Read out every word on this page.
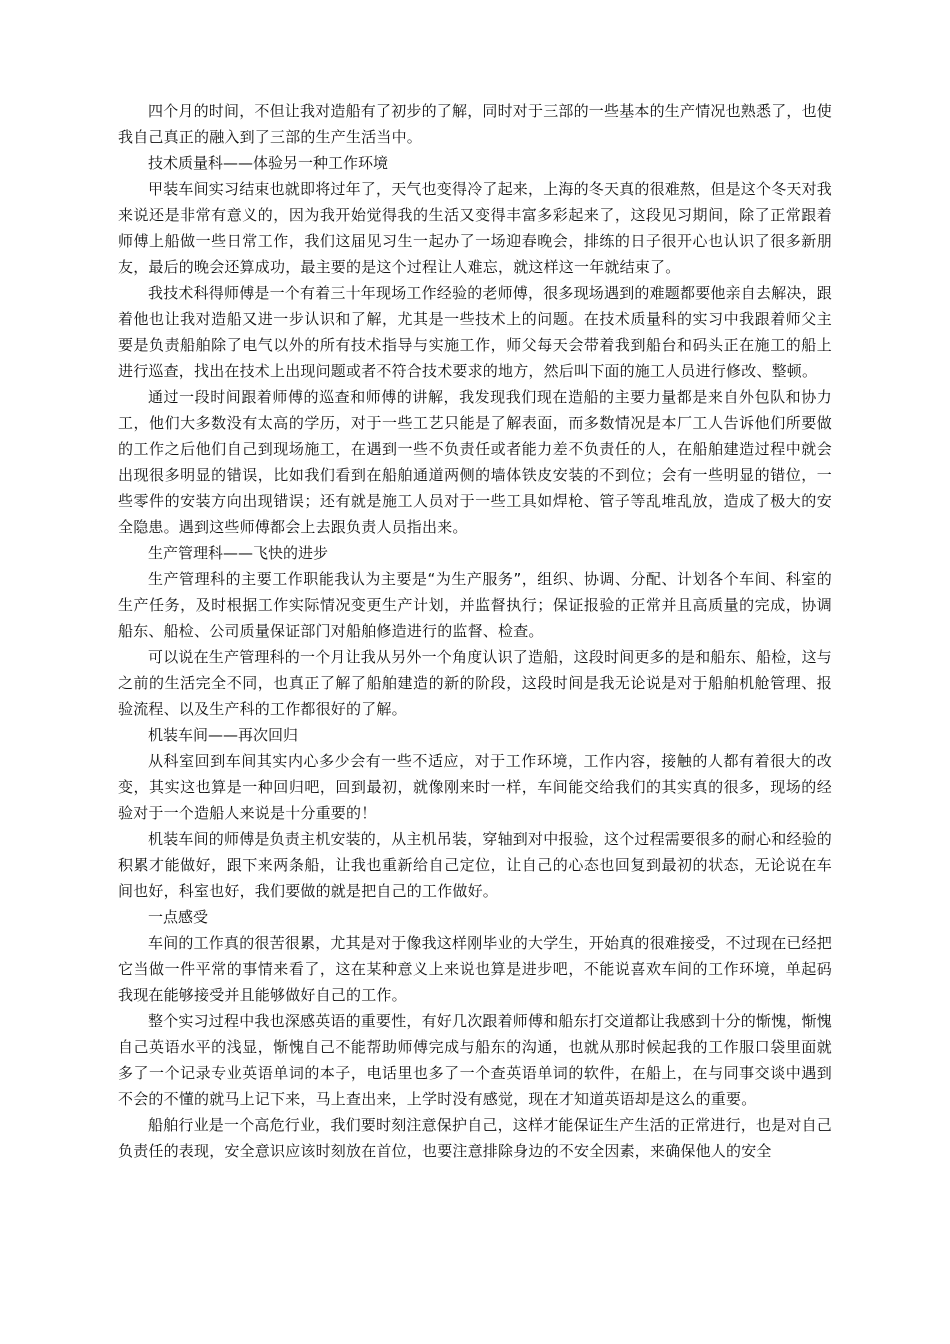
四个月的时间，不但让我对造船有了初步的了解，同时对于三部的一些基本的生产情况也熟悉了，也使我自己真正的融入到了三部的生产生活当中。

技术质量科——体验另一种工作环境

甲装车间实习结束也就即将过年了，天气也变得冷了起来，上海的冬天真的很难熬，但是这个冬天对我来说还是非常有意义的，因为我开始觉得我的生活又变得丰富多彩起来了，这段见习期间，除了正常跟着师傅上船做一些日常工作，我们这届见习生一起办了一场迎春晚会，排练的日子很开心也认识了很多新朋友，最后的晚会还算成功，最主要的是这个过程让人难忘，就这样这一年就结束了。

我技术科得师傅是一个有着三十年现场工作经验的老师傅，很多现场遇到的难题都要他亲自去解决，跟着他也让我对造船又进一步认识和了解，尤其是一些技术上的问题。在技术质量科的实习中我跟着师父主要是负责船舶除了电气以外的所有技术指导与实施工作，师父每天会带着我到船台和码头正在施工的船上进行巡查，找出在技术上出现问题或者不符合技术要求的地方，然后叫下面的施工人员进行修改、整顿。

通过一段时间跟着师傅的巡查和师傅的讲解，我发现我们现在造船的主要力量都是来自外包队和协力工，他们大多数没有太高的学历，对于一些工艺只能是了解表面，而多数情况是本厂工人告诉他们所要做的工作之后他们自己到现场施工，在遇到一些不负责任或者能力差不负责任的人，在船舶建造过程中就会出现很多明显的错误，比如我们看到在船舶通道两侧的墙体铁皮安装的不到位；会有一些明显的错位，一些零件的安装方向出现错误；还有就是施工人员对于一些工具如焊枪、管子等乱堆乱放，造成了极大的安全隐患。遇到这些师傅都会上去跟负责人员指出来。

生产管理科——飞快的进步

生产管理科的主要工作职能我认为主要是“为生产服务”，组织、协调、分配、计划各个车间、科室的生产任务，及时根据工作实际情况变更生产计划，并监督执行；保证报验的正常并且高质量的完成，协调船东、船检、公司质量保证部门对船舶修造进行的监督、检查。

可以说在生产管理科的一个月让我从另外一个角度认识了造船，这段时间更多的是和船东、船检，这与之前的生活完全不同，也真正了解了船舶建造的新的阶段，这段时间是我无论说是对于船舶机舱管理、报验流程、以及生产科的工作都很好的了解。

机装车间——再次回归

从科室回到车间其实内心多少会有一些不适应，对于工作环境，工作内容，接触的人都有着很大的改变，其实这也算是一种回归吧，回到最初，就像刚来时一样，车间能交给我们的其实真的很多，现场的经验对于一个造船人来说是十分重要的！

机装车间的师傅是负责主机安装的，从主机吊装，穿轴到对中报验，这个过程需要很多的耐心和经验的积累才能做好，跟下来两条船，让我也重新给自己定位，让自己的心态也回复到最初的状态，无论说在车间也好，科室也好，我们要做的就是把自己的工作做好。

一点感受

车间的工作真的很苦很累，尤其是对于像我这样刚毕业的大学生，开始真的很难接受，不过现在已经把它当做一件平常的事情来看了，这在某种意义上来说也算是进步吧，不能说喜欢车间的工作环境，单起码我现在能够接受并且能够做好自己的工作。

整个实习过程中我也深感英语的重要性，有好几次跟着师傅和船东打交道都让我感到十分的惭愧，惭愧自己英语水平的浅显，惭愧自己不能帮助师傅完成与船东的沟通，也就从那时候起我的工作服口袋里面就多了一个记录专业英语单词的本子，电话里也多了一个查英语单词的软件，在船上，在与同事交谈中遇到不会的不懂的就马上记下来，马上查出来，上学时没有感觉，现在才知道英语却是这么的重要。

船舶行业是一个高危行业，我们要时刻注意保护自己，这样才能保证生产生活的正常进行，也是对自己负责任的表现，安全意识应该时刻放在首位，也要注意排除身边的不安全因素，来确保他人的安全
